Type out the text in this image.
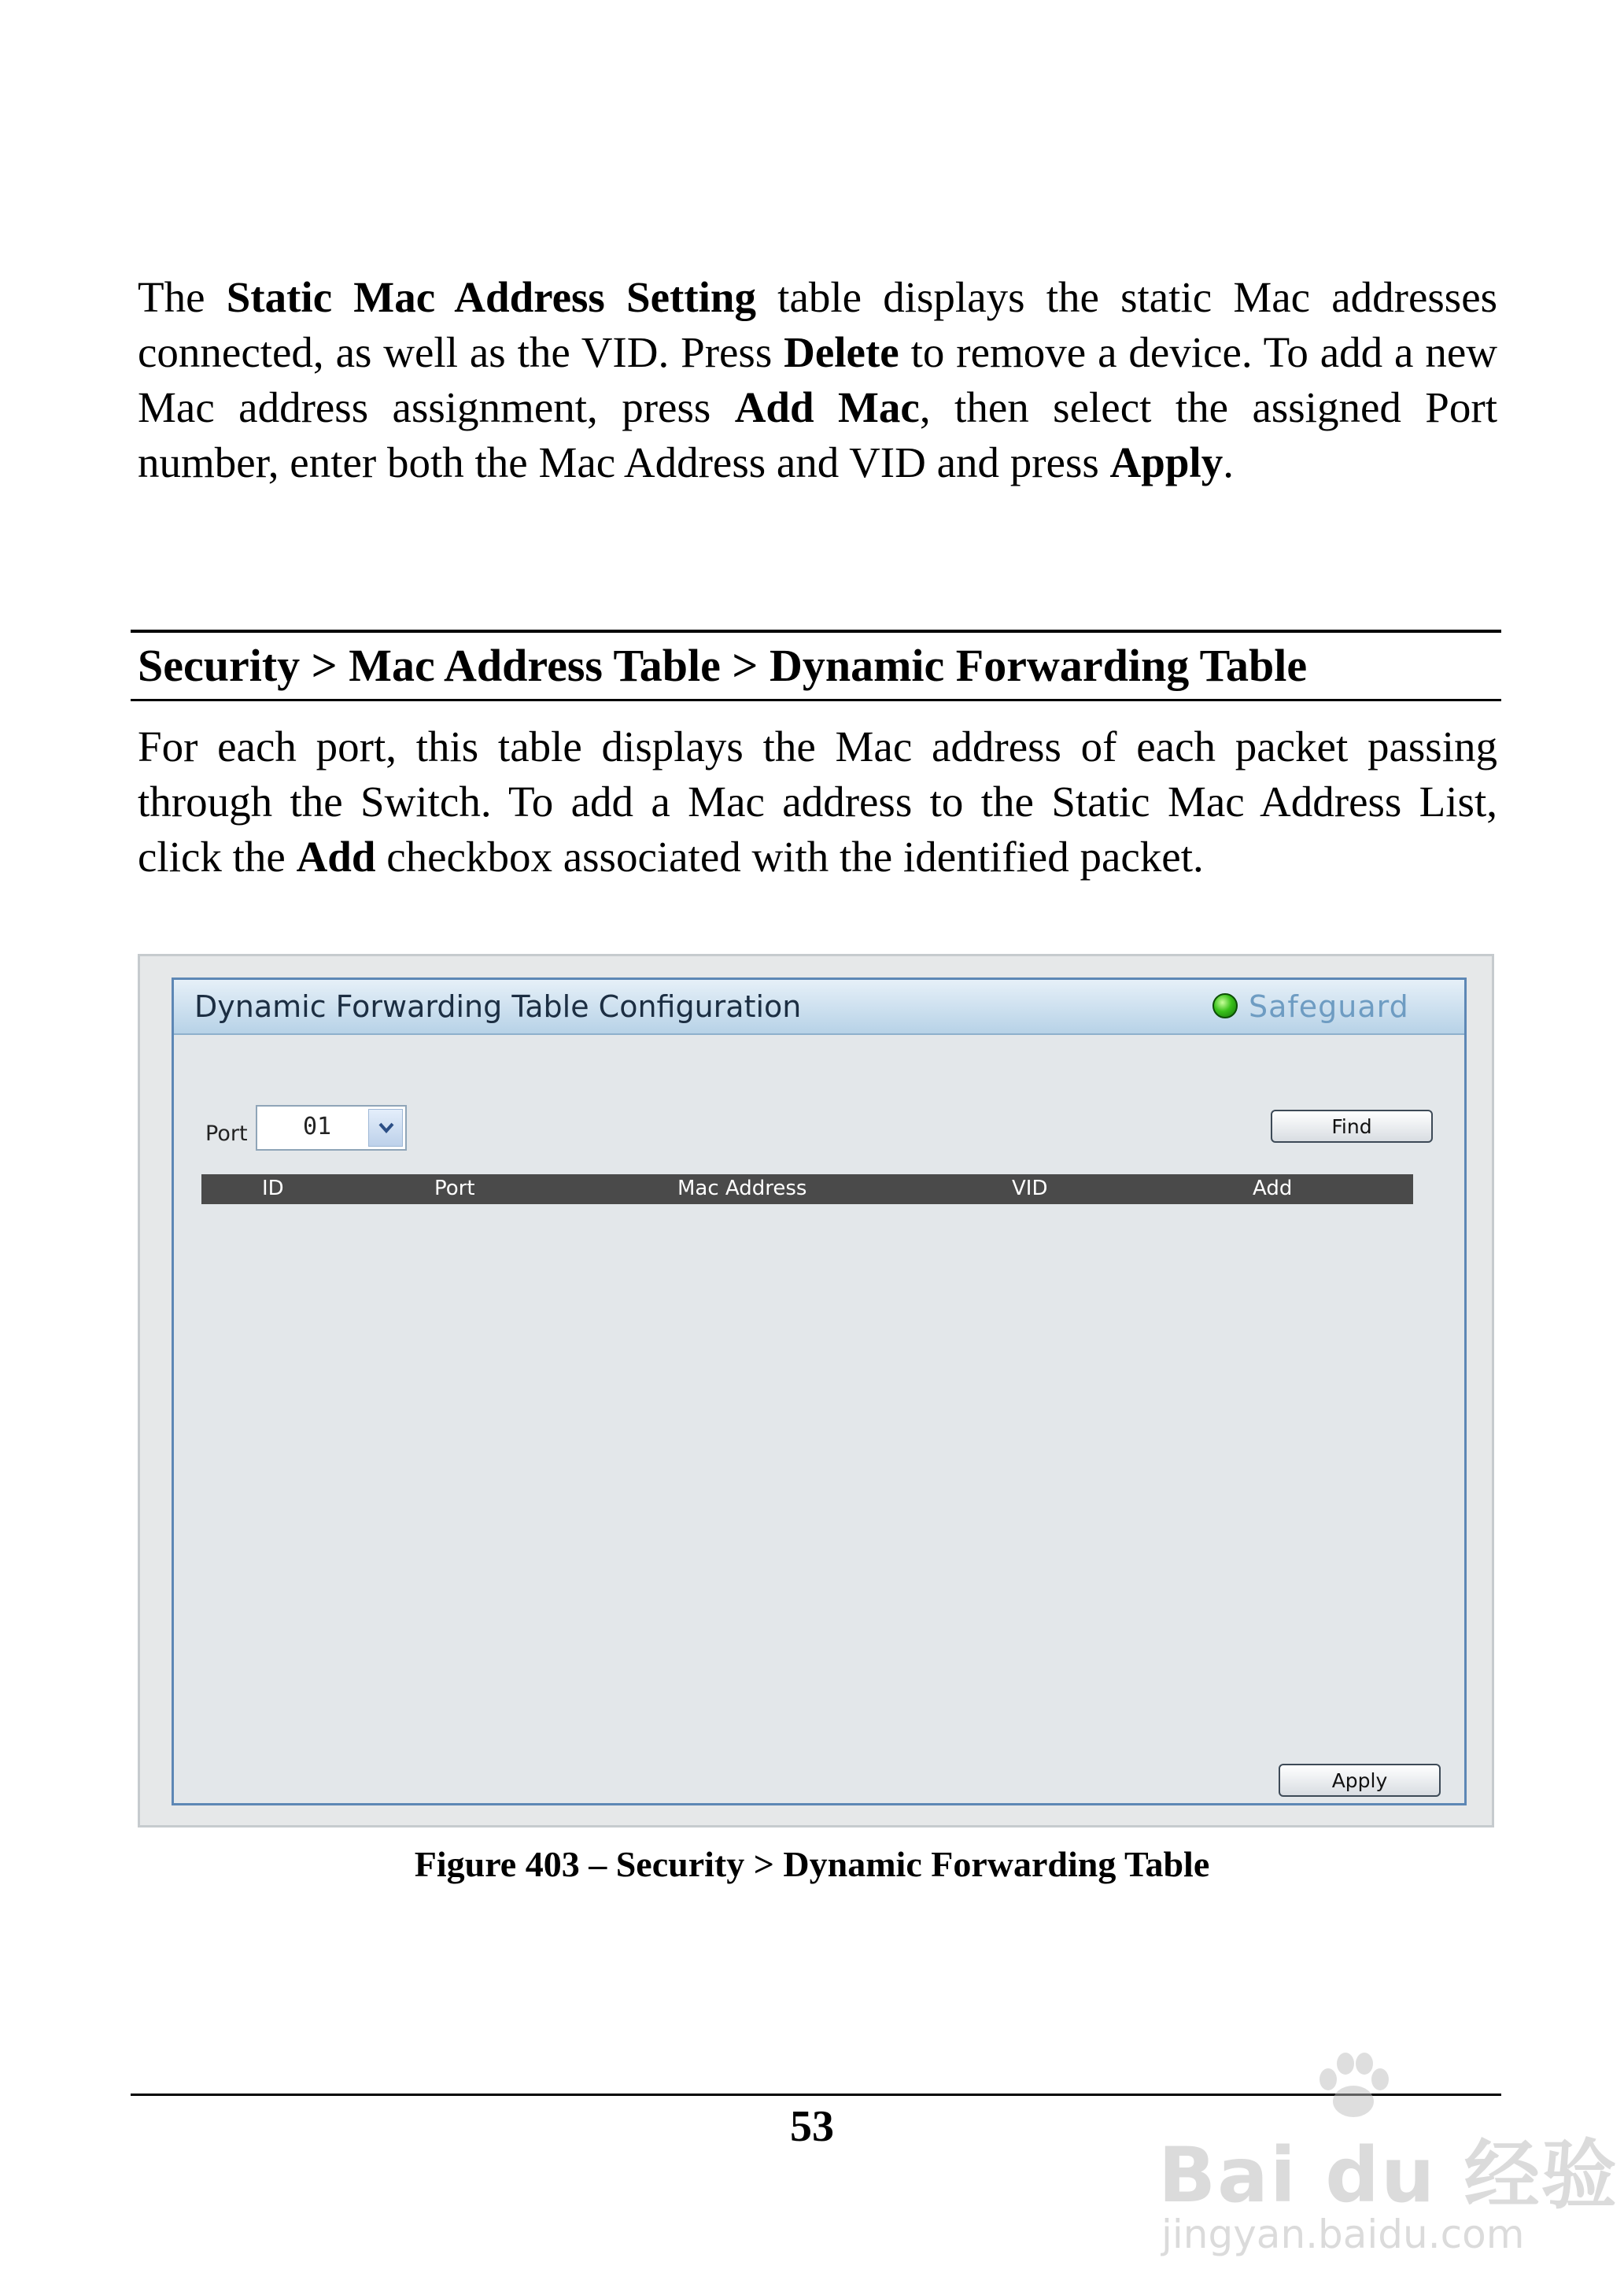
The Static Mac Address Setting table displays the static Mac addresses connected, as well as the VID. Press Delete to remove a device. To add a new Mac address assignment, press Add Mac, then select the assigned Port number, enter both the Mac Address and VID and press Apply.

Security > Mac Address Table > Dynamic Forwarding Table

For each port, this table displays the Mac address of each packet passing through the Switch. To add a Mac address to the Static Mac Address List, click the Add checkbox associated with the identified packet.

Dynamic Forwarding Table Configuration	Safeguard
Port 01	Find
ID	Port	Mac Address	VID	Add
Apply
Figure 403 – Security > Dynamic Forwarding Table
53
Bai du 经验
jingyan.baidu.com
